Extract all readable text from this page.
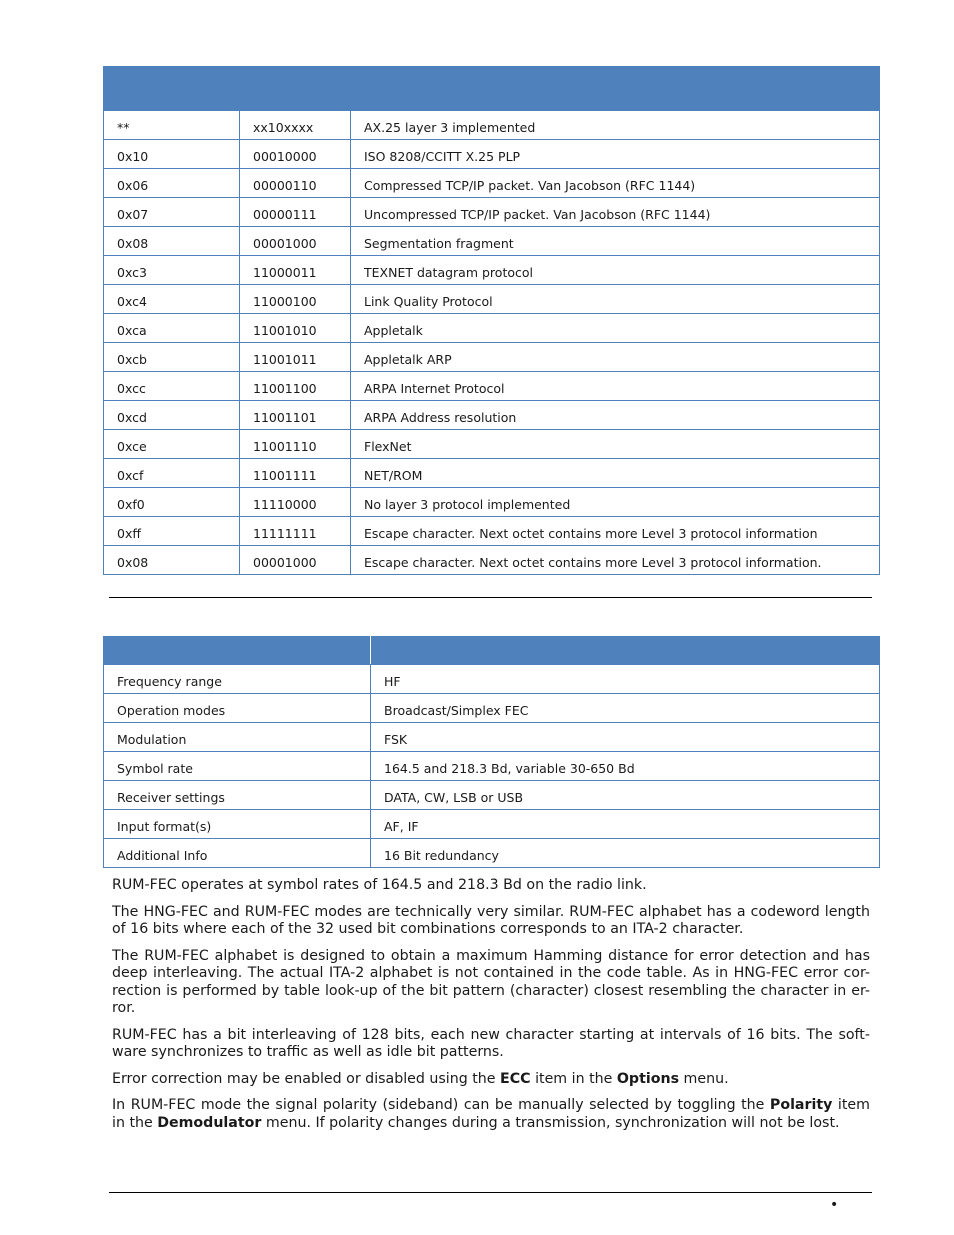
**	xx10xxxx	AX.25 layer 3 implemented
0x10	00010000	ISO 8208/CCITT X.25 PLP
0x06	00000110	Compressed TCP/IP packet. Van Jacobson (RFC 1144)
0x07	00000111	Uncompressed TCP/IP packet. Van Jacobson (RFC 1144)
0x08	00001000	Segmentation fragment
0xc3	11000011	TEXNET datagram protocol
0xc4	11000100	Link Quality Protocol
0xca	11001010	Appletalk
0xcb	11001011	Appletalk ARP
0xcc	11001100	ARPA Internet Protocol
0xcd	11001101	ARPA Address resolution
0xce	11001110	FlexNet
0xcf	11001111	NET/ROM
0xf0	11110000	No layer 3 protocol implemented
0xff	11111111	Escape character. Next octet contains more Level 3 protocol information
0x08	00001000	Escape character. Next octet contains more Level 3 protocol information.

Frequency range	HF
Operation modes	Broadcast/Simplex FEC
Modulation	FSK
Symbol rate	164.5 and 218.3 Bd, variable 30-650 Bd
Receiver settings	DATA, CW, LSB or USB
Input format(s)	AF, IF
Additional Info	16 Bit redundancy

RUM-FEC operates at symbol rates of 164.5 and 218.3 Bd on the radio link.

The HNG-FEC and RUM-FEC modes are technically very similar. RUM-FEC alphabet has a codeword length of 16 bits where each of the 32 used bit combinations corresponds to an ITA-2 character.

The RUM-FEC alphabet is designed to obtain a maximum Hamming distance for error detection and has deep interleaving. The actual ITA-2 alphabet is not contained in the code table. As in HNG-FEC error cor-rection is performed by table look-up of the bit pattern (character) closest resembling the character in er-ror.

RUM-FEC has a bit interleaving of 128 bits, each new character starting at intervals of 16 bits. The soft-ware synchronizes to traffic as well as idle bit patterns.

Error correction may be enabled or disabled using the ECC item in the Options menu.

In RUM-FEC mode the signal polarity (sideband) can be manually selected by toggling the Polarity item in the Demodulator menu. If polarity changes during a transmission, synchronization will not be lost.

•
